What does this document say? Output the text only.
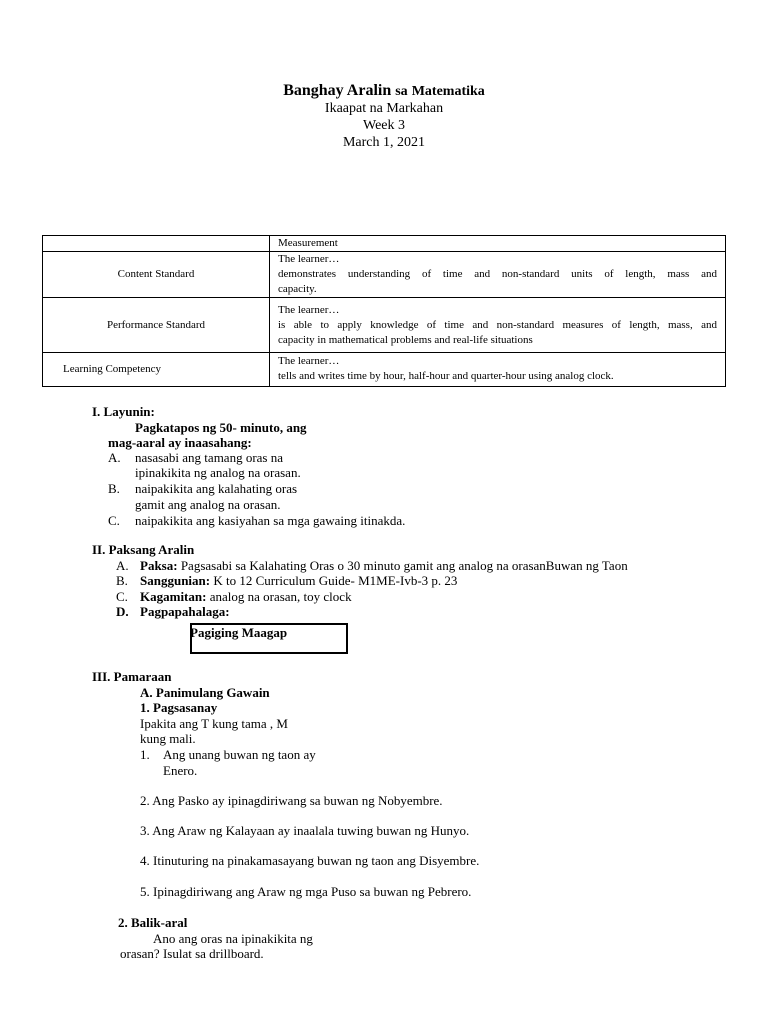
Banghay Aralin sa Matematika
Ikaapat na Markahan
Week 3
March 1, 2021
	Measurement
Content Standard	The learner…
demonstrates understanding of time and non-standard units of length, mass and
capacity.

Performance Standard	The learner…
is able to apply knowledge of time and non-standard measures of length, mass, and
capacity in mathematical problems and real-life situations

Learning Competency	The learner…
tells and writes time by hour, half-hour and quarter-hour using analog clock.
I. Layunin:
Pagkatapos ng 50- minuto, ang
mag-aaral ay inaasahang:
A. nasasabi ang tamang oras na
ipinakikita ng analog na orasan.
B. naipakikita ang kalahating oras
gamit ang analog na orasan.
C. naipakikita ang kasiyahan sa mga gawaing itinakda.
II. Paksang Aralin
A. Paksa: Pagsasabi sa Kalahating Oras o 30 minuto gamit ang analog na orasanBuwan ng Taon
B. Sanggunian: K to 12 Curriculum Guide- M1ME-Ivb-3 p. 23
C. Kagamitan: analog na orasan, toy clock
D. Pagpapahalaga:
Pagiging Maagap
III. Pamaraan
A. Panimulang Gawain
1. Pagsasanay
Ipakita ang T kung tama , M
kung mali.
1. Ang unang buwan ng taon ay
Enero.
2. Ang Pasko ay ipinagdiriwang sa buwan ng Nobyembre.
3. Ang Araw ng Kalayaan ay inaalala tuwing buwan ng Hunyo.
4. Itinuturing na pinakamasayang buwan ng taon ang Disyembre.
5. Ipinagdiriwang ang Araw ng mga Puso sa buwan ng Pebrero.
2. Balik-aral
Ano ang oras na ipinakikita ng
orasan? Isulat sa drillboard.
